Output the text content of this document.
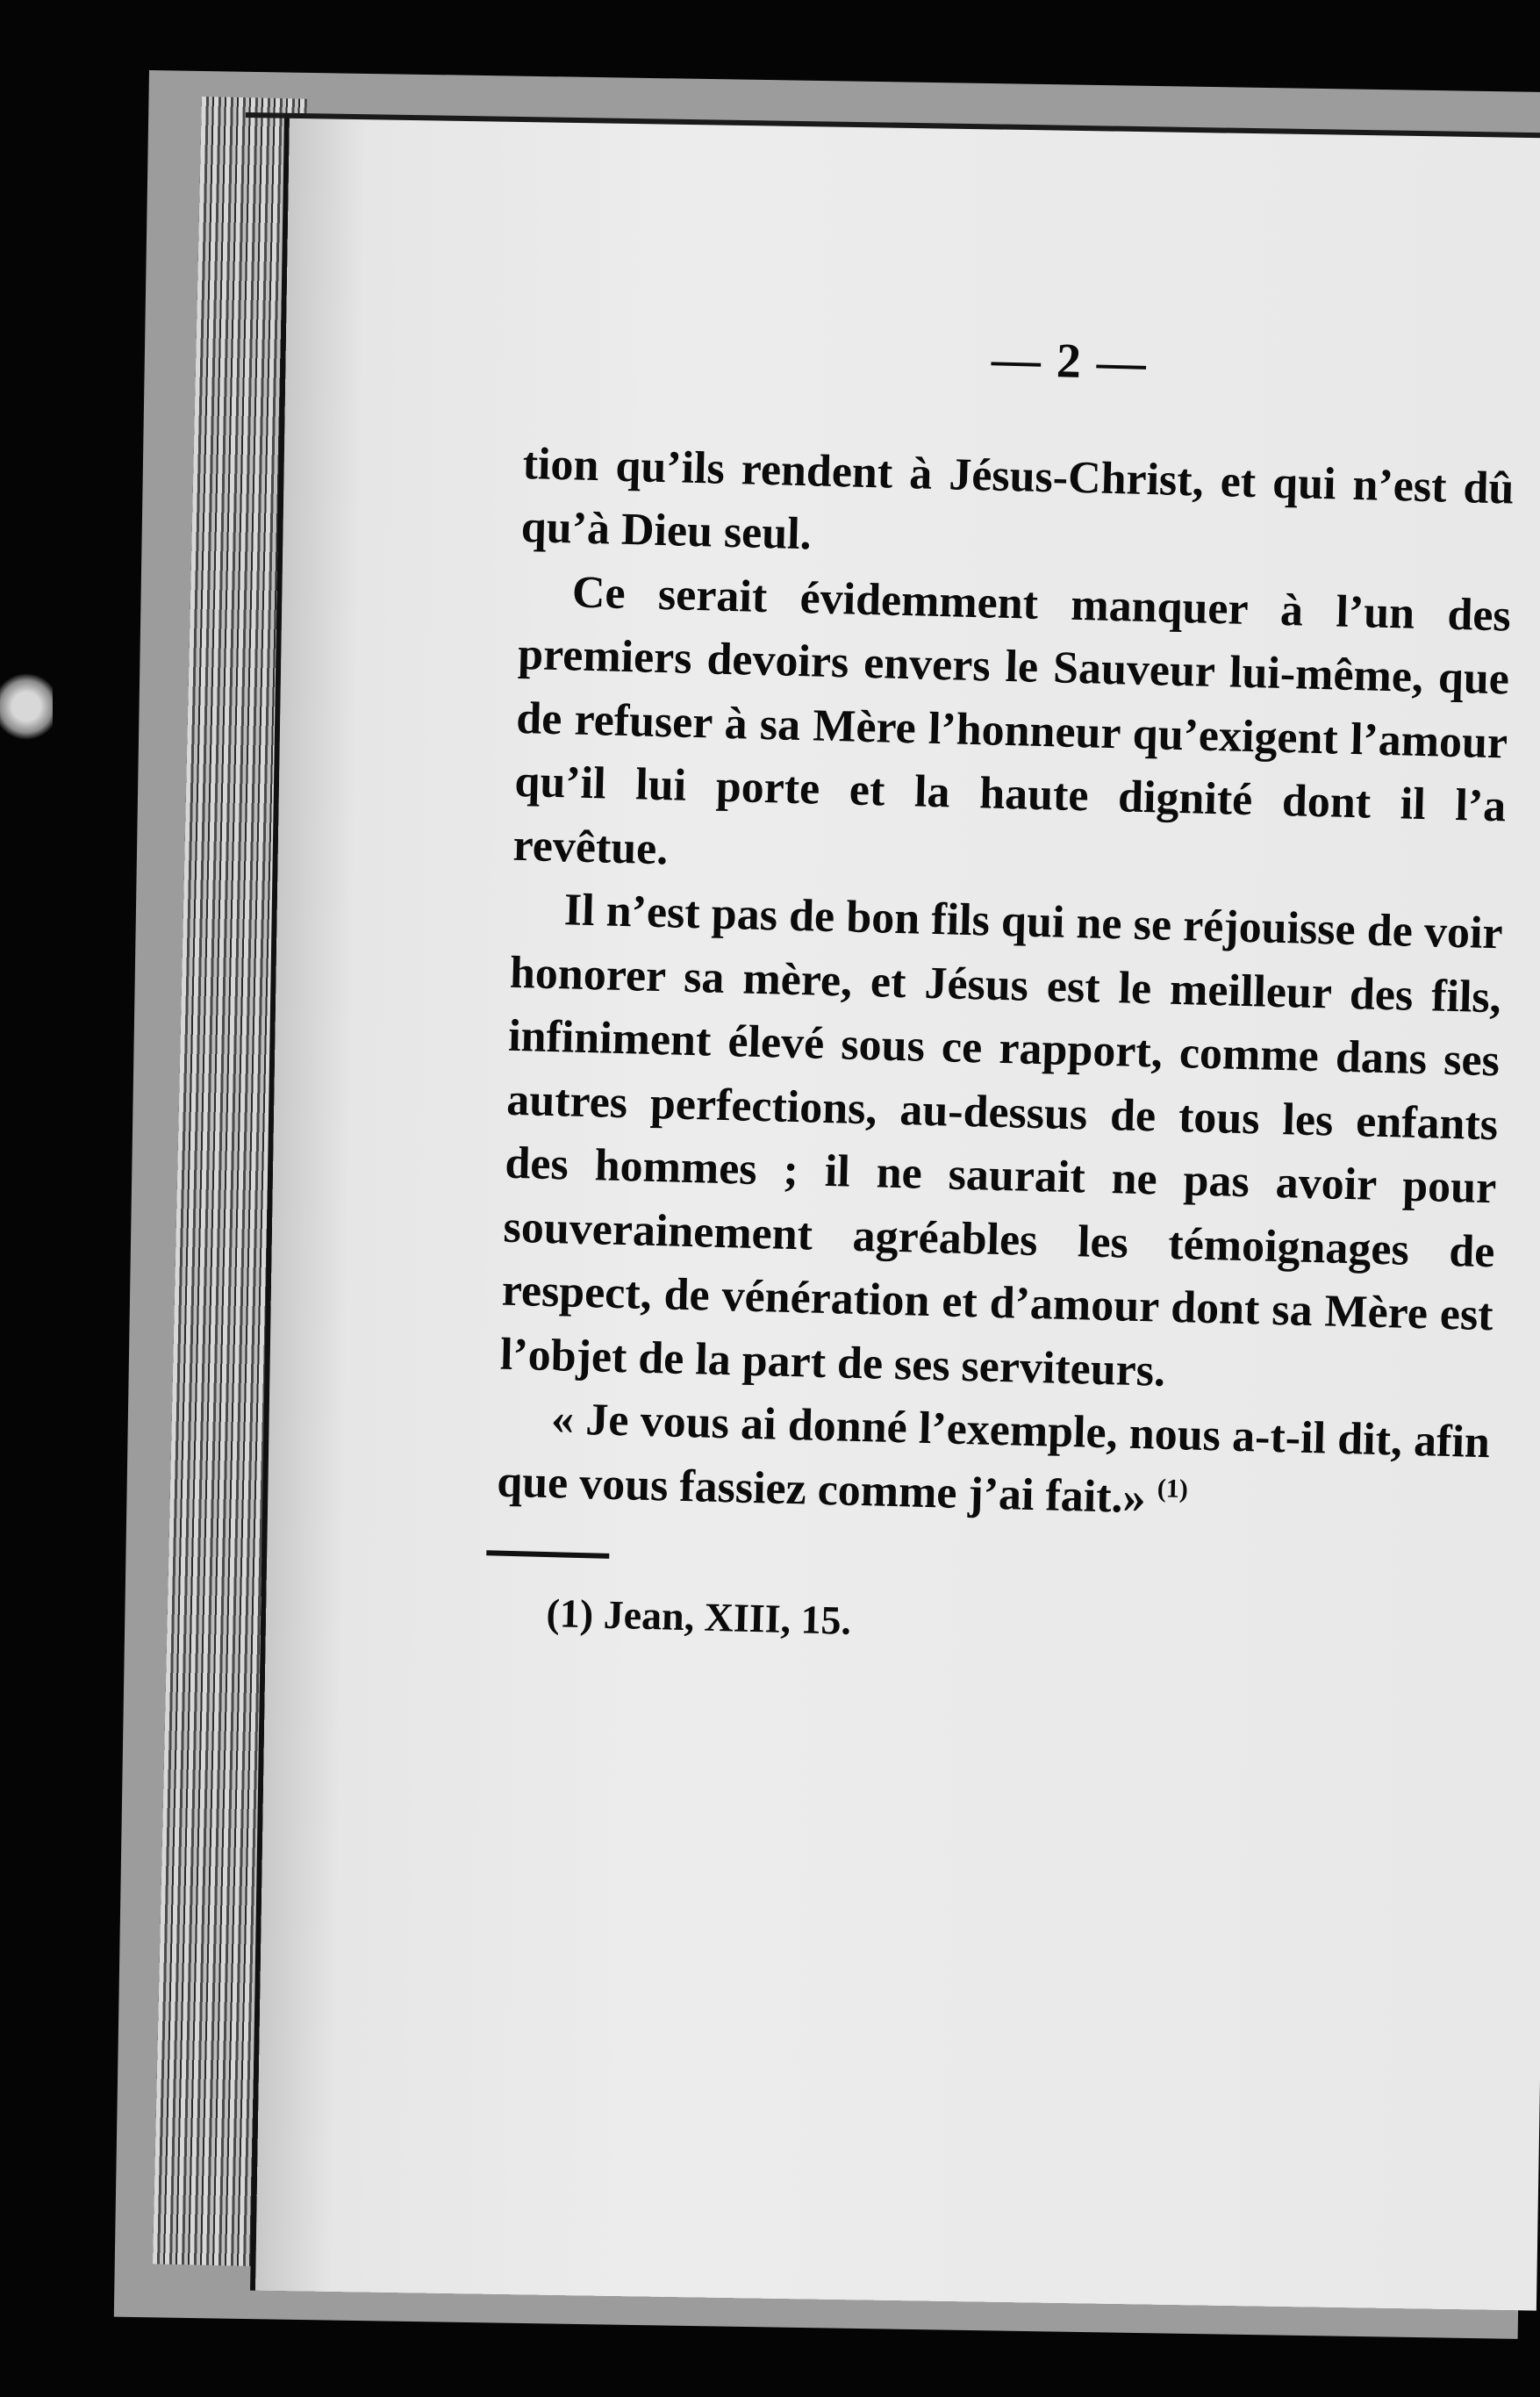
— 2 —

tion qu’ils rendent à Jésus-Christ, et qui n’est dû qu’à Dieu seul.

Ce serait évidemment manquer à l’un des premiers devoirs envers le Sauveur lui-même, que de refuser à sa Mère l’honneur qu’exigent l’amour qu’il lui porte et la haute dignité dont il l’a revêtue.

Il n’est pas de bon fils qui ne se réjouisse de voir honorer sa mère, et Jésus est le meilleur des fils, infiniment élevé sous ce rapport, comme dans ses autres perfections, au-dessus de tous les enfants des hommes ; il ne saurait ne pas avoir pour souverainement agréables les témoignages de respect, de vénération et d’amour dont sa Mère est l’objet de la part de ses serviteurs.

« Je vous ai donné l’exemple, nous a-t-il dit, afin que vous fassiez comme j’ai fait.» $^{(1)}$

(1) Jean, XIII, 15.
